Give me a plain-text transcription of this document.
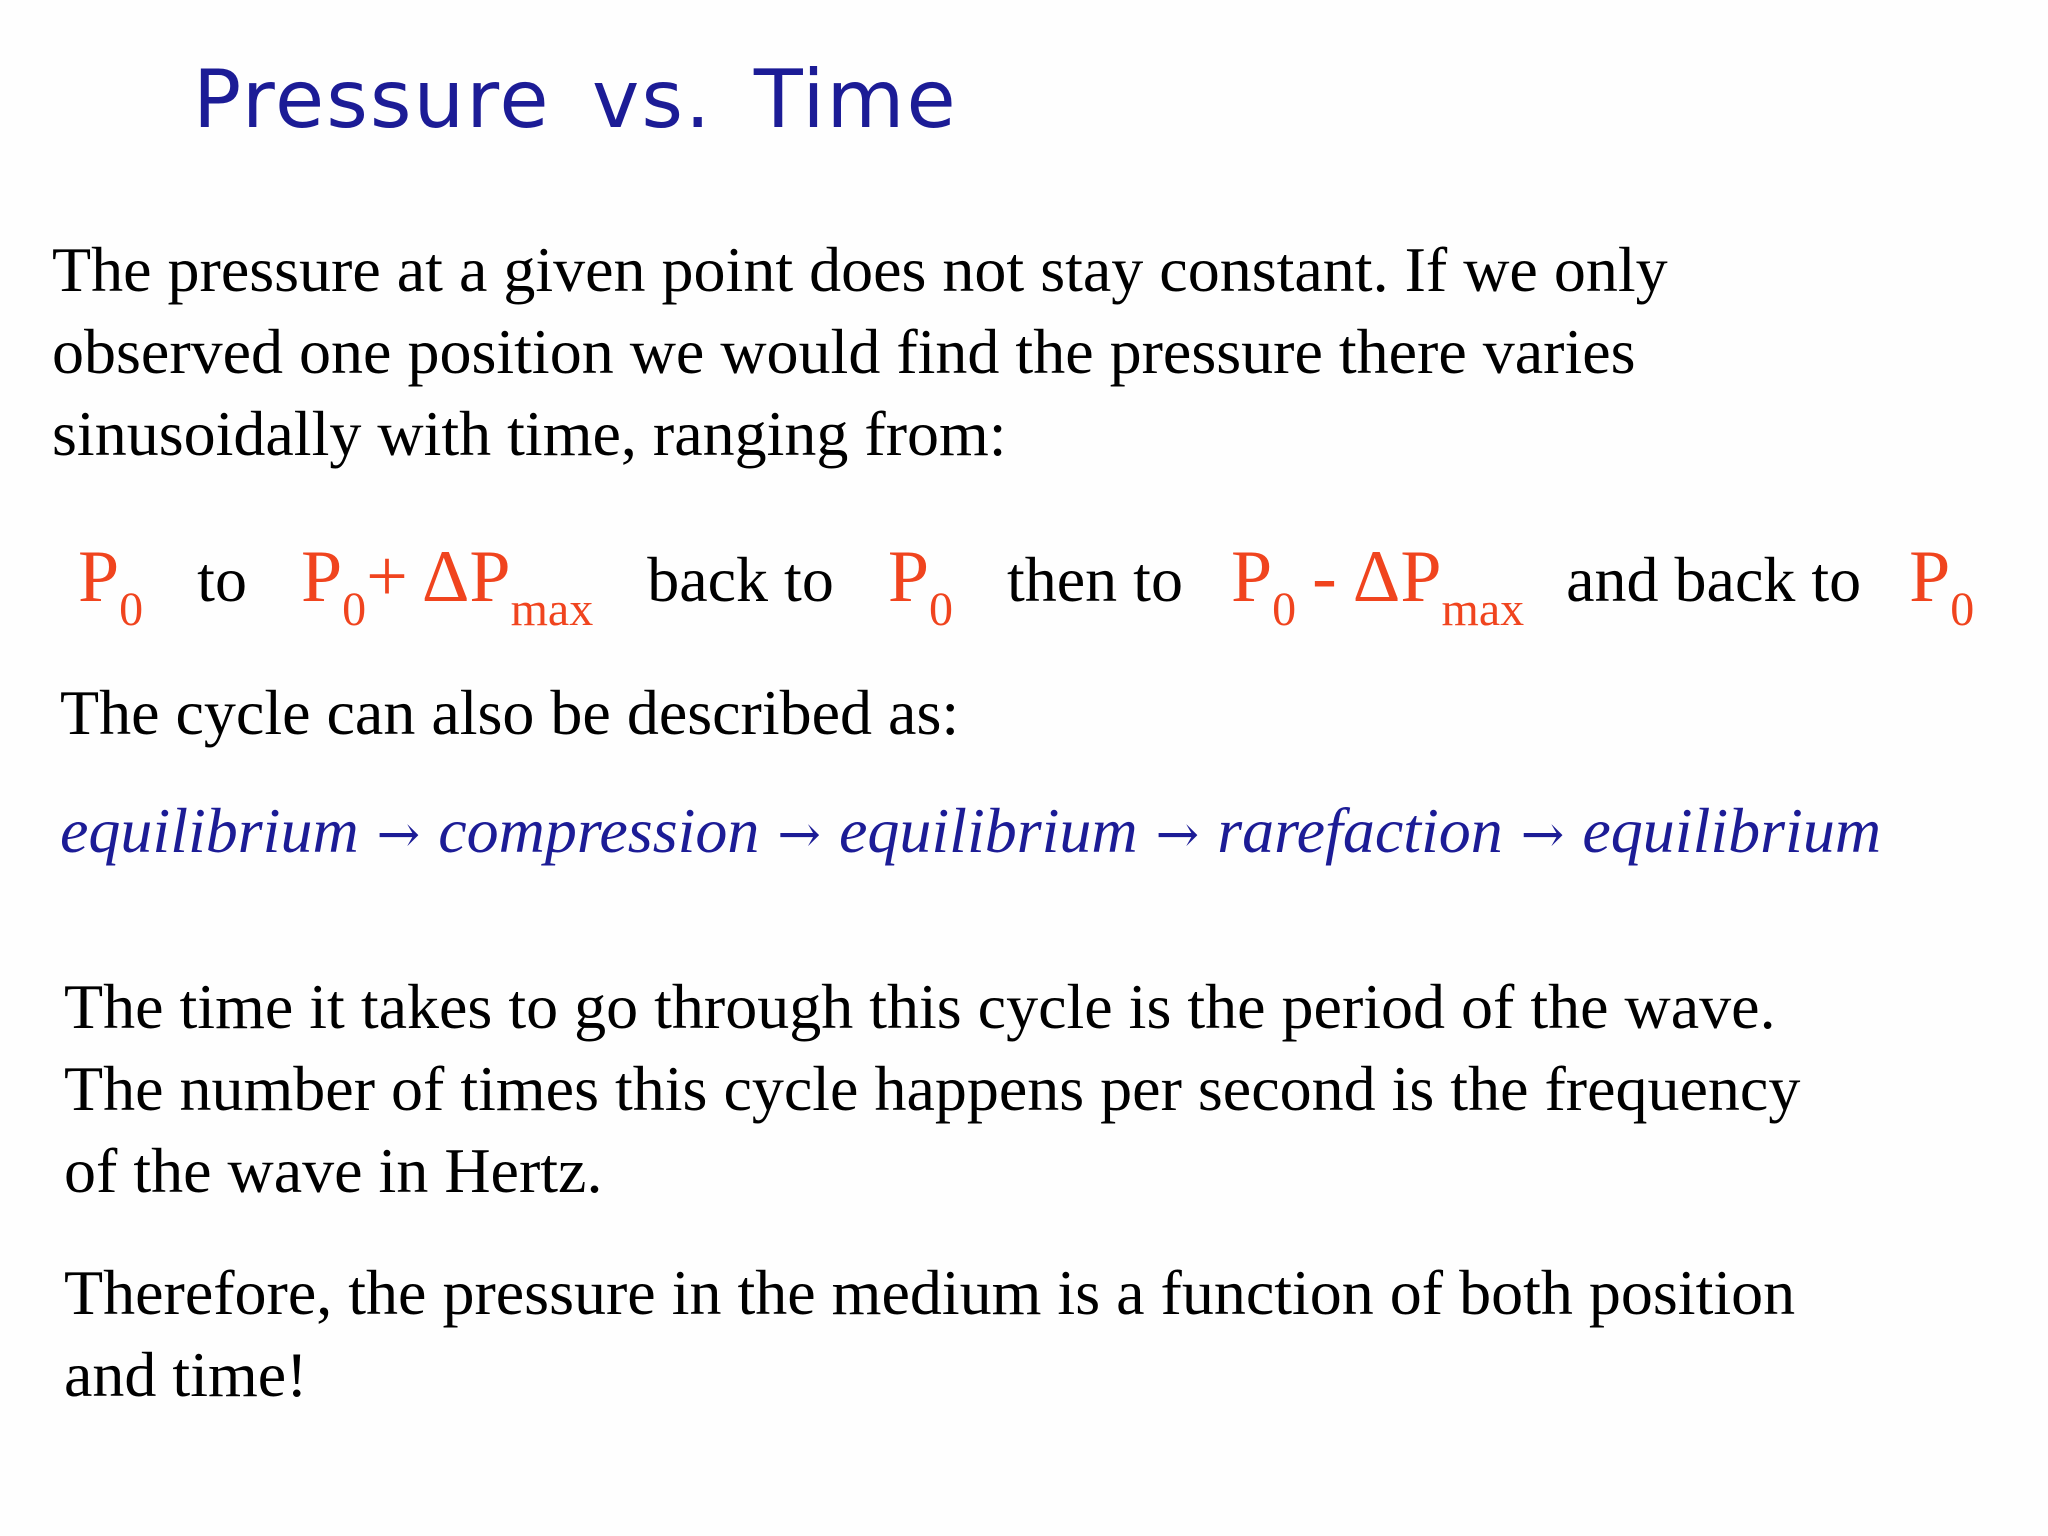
Pressure vs. Time
The pressure at a given point does not stay constant. If we only
observed one position we would find the pressure there varies
sinusoidally with time, ranging from:
$P_0$ to $P_0+ \Delta P_{max}$ back to $P_0$ then to $P_0 - \Delta P_{max}$ and back to $P_0$
The cycle can also be described as:
equilibrium → compression → equilibrium → rarefaction → equilibrium
The time it takes to go through this cycle is the period of the wave.
The number of times this cycle happens per second is the frequency
of the wave in Hertz.
Therefore, the pressure in the medium is a function of both position
and time!
